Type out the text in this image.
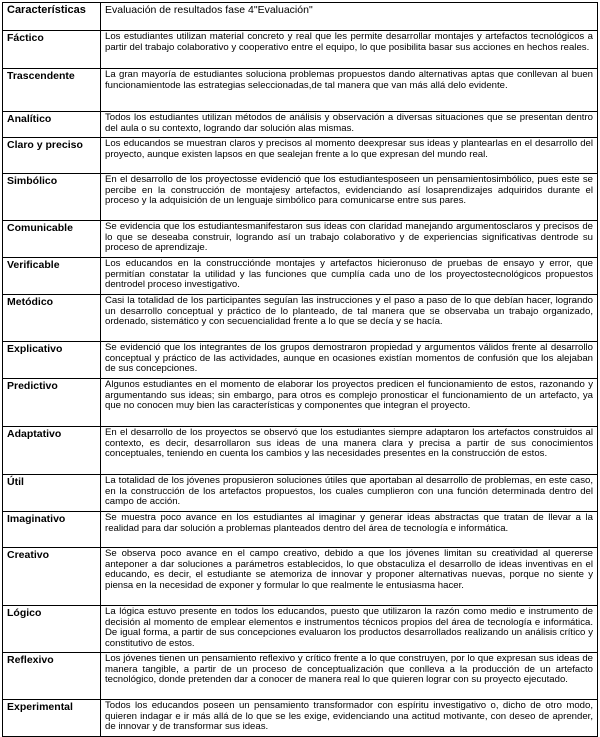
Características	Evaluación de resultados fase 4"Evaluación"
Fáctico	Los estudiantes utilizan material concreto y real que les permite desarrollar montajes y artefactos tecnológicos a partir del trabajo colaborativo y cooperativo entre el equipo, lo que posibilita basar sus acciones en hechos reales.
Trascendente	La gran mayoría de estudiantes soluciona problemas propuestos dando alternativas aptas que conllevan al buen funcionamientode las estrategias seleccionadas,de tal manera que van más allá delo evidente.
Analítico	Todos los estudiantes utilizan métodos de análisis y observación a diversas situaciones que se presentan dentro del aula o su contexto, logrando dar solución alas mismas.
Claro y preciso	Los educandos se muestran claros y precisos al momento deexpresar sus ideas y plantearlas en el desarrollo del proyecto, aunque existen lapsos en que sealejan frente a lo que expresan del mundo real.
Simbólico	En el desarrollo de los proyectosse evidenció que los estudiantesposeen un pensamientosimbólico, pues este se percibe en la construcción de montajesy artefactos, evidenciando así losaprendizajes adquiridos durante el proceso y la adquisición de un lenguaje simbólico para comunicarse entre sus pares.
Comunicable	Se evidencia que los estudiantesmanifestaron sus ideas con claridad manejando argumentosclaros y precisos de lo que se deseaba construir, logrando así un trabajo colaborativo y de experiencias significativas dentrode su proceso de aprendizaje.
Verificable	Los educandos en la construcciónde montajes y artefactos hicieronuso de pruebas de ensayo y error, que permitían constatar la utilidad y las funciones que cumplía cada uno de los proyectostecnológicos propuestos dentrodel proceso investigativo.
Metódico	Casi la totalidad de los participantes seguían las instrucciones y el paso a paso de lo que debían hacer, logrando un desarrollo conceptual y práctico de lo planteado, de tal manera que se observaba un trabajo organizado, ordenado, sistemático y con secuencialidad frente a lo que se decía y se hacía.
Explicativo	Se evidenció que los integrantes de los grupos demostraron propiedad y argumentos válidos frente al desarrollo conceptual y práctico de las actividades, aunque en ocasiones existían momentos de confusión que los alejaban de sus concepciones.
Predictivo	Algunos estudiantes en el momento de elaborar los proyectos predicen el funcionamiento de estos, razonando y argumentando sus ideas; sin embargo, para otros es complejo pronosticar el funcionamiento de un artefacto, ya que no conocen muy bien las características y componentes que integran el proyecto.
Adaptativo	En el desarrollo de los proyectos se observó que los estudiantes siempre adaptaron los artefactos construidos al contexto, es decir, desarrollaron sus ideas de una manera clara y precisa a partir de sus conocimientos conceptuales, teniendo en cuenta los cambios y las necesidades presentes en la construcción de estos.
Útil	La totalidad de los jóvenes propusieron soluciones útiles que aportaban al desarrollo de problemas, en este caso, en la construcción de los artefactos propuestos, los cuales cumplieron con una función determinada dentro del campo de acción.
Imaginativo	Se muestra poco avance en los estudiantes al imaginar y generar ideas abstractas que tratan de llevar a la realidad para dar solución a problemas planteados dentro del área de tecnología e informática.
Creativo	Se observa poco avance en el campo creativo, debido a que los jóvenes limitan su creatividad al quererse anteponer a dar soluciones a parámetros establecidos, lo que obstaculiza el desarrollo de ideas inventivas en el educando, es decir, el estudiante se atemoriza de innovar y proponer alternativas nuevas, porque no siente y piensa en la necesidad de exponer y formular lo que realmente le entusiasma hacer.
Lógico	La lógica estuvo presente en todos los educandos, puesto que utilizaron la razón como medio e instrumento de decisión al momento de emplear elementos e instrumentos técnicos propios del área de tecnología e informática. De igual forma, a partir de sus concepciones evaluaron los productos desarrollados realizando un análisis crítico y constitutivo de estos.
Reflexivo	Los jóvenes tienen un pensamiento reflexivo y crítico frente a lo que construyen, por lo que expresan sus ideas de manera tangible, a partir de un proceso de conceptualización que conlleva a la producción de un artefacto tecnológico, donde pretenden dar a conocer de manera real lo que quieren lograr con su proyecto ejecutado.
Experimental	Todos los educandos poseen un pensamiento transformador con espíritu investigativo o, dicho de otro modo, quieren indagar e ir más allá de lo que se les exige, evidenciando una actitud motivante, con deseo de aprender, de innovar y de transformar sus ideas.
